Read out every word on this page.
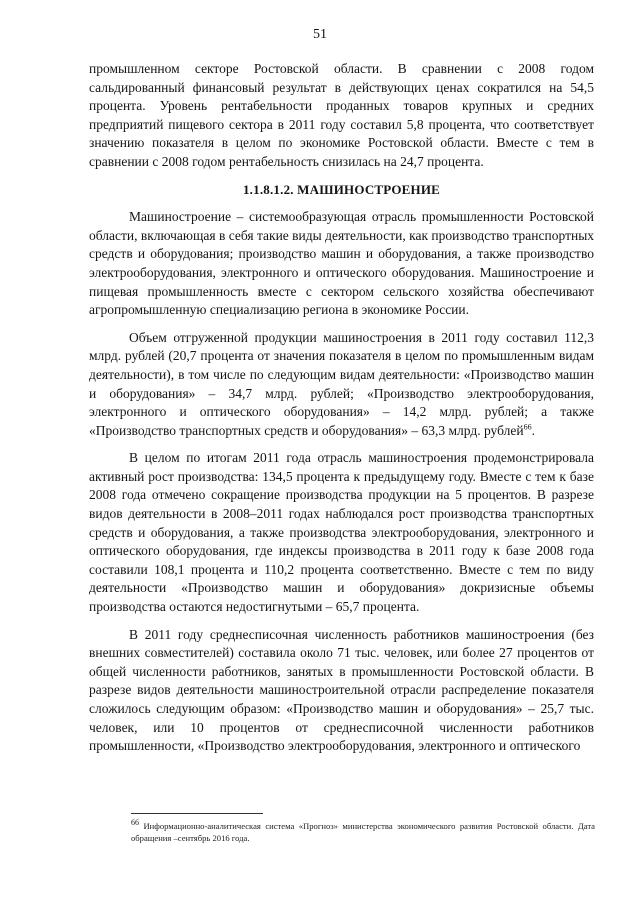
51

промышленном секторе Ростовской области. В сравнении с 2008 годом сальдированный финансовый результат в действующих ценах сократился на 54,5 процента. Уровень рентабельности проданных товаров крупных и средних предприятий пищевого сектора в 2011 году составил 5,8 процента, что соответствует значению показателя в целом по экономике Ростовской области. Вместе с тем в сравнении с 2008 годом рентабельность снизилась на 24,7 процента.

1.1.8.1.2. МАШИНОСТРОЕНИЕ

Машиностроение – системообразующая отрасль промышленности Ростовской области, включающая в себя такие виды деятельности, как производство транспортных средств и оборудования; производство машин и оборудования, а также производство электрооборудования, электронного и оптического оборудования. Машиностроение и пищевая промышленность вместе с сектором сельского хозяйства обеспечивают агропромышленную специализацию региона в экономике России.

Объем отгруженной продукции машиностроения в 2011 году составил 112,3 млрд. рублей (20,7 процента от значения показателя в целом по промышленным видам деятельности), в том числе по следующим видам деятельности: «Производство машин и оборудования» – 34,7 млрд. рублей; «Производство электрооборудования, электронного и оптического оборудования» – 14,2 млрд. рублей; а также «Производство транспортных средств и оборудования» – 63,3 млрд. рублей$^{66}$.

В целом по итогам 2011 года отрасль машиностроения продемонстрировала активный рост производства: 134,5 процента к предыдущему году. Вместе с тем к базе 2008 года отмечено сокращение производства продукции на 5 процентов. В разрезе видов деятельности в 2008–2011 годах наблюдался рост производства транспортных средств и оборудования, а также производства электрооборудования, электронного и оптического оборудования, где индексы производства в 2011 году к базе 2008 года составили 108,1 процента и 110,2 процента соответственно. Вместе с тем по виду деятельности «Производство машин и оборудования» докризисные объемы производства остаются недостигнутыми – 65,7 процента.

В 2011 году среднесписочная численность работников машиностроения (без внешних совместителей) составила около 71 тыс. человек, или более 27 процентов от общей численности работников, занятых в промышленности Ростовской области. В разрезе видов деятельности машиностроительной отрасли распределение показателя сложилось следующим образом: «Производство машин и оборудования» – 25,7 тыс. человек, или 10 процентов от среднесписочной численности работников промышленности, «Производство электрооборудования, электронного и оптического

$^{66}$ Информационно-аналитическая система «Прогноз» министерства экономического развития Ростовской области. Дата обращения –сентябрь 2016 года.
